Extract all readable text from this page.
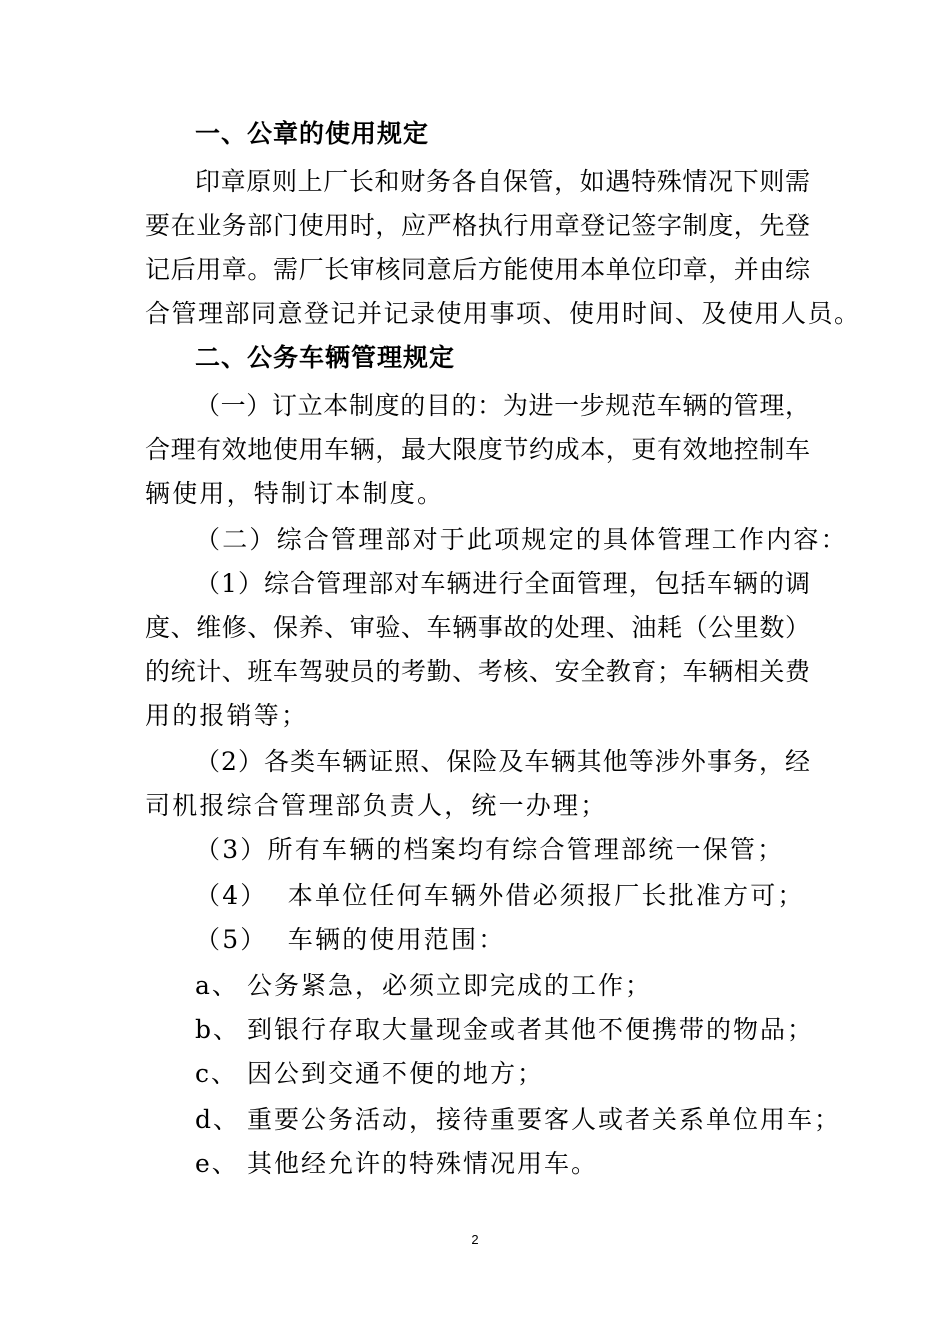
一、公章的使用规定
印章原则上厂长和财务各自保管，如遇特殊情况下则需
要在业务部门使用时，应严格执行用章登记签字制度，先登
记后用章。需厂长审核同意后方能使用本单位印章，并由综
合管理部同意登记并记录使用事项、使用时间、及使用人员。
二、公务车辆管理规定
（一）订立本制度的目的：为进一步规范车辆的管理，
合理有效地使用车辆，最大限度节约成本，更有效地控制车
辆使用，特制订本制度。
（二）综合管理部对于此项规定的具体管理工作内容：
（1）综合管理部对车辆进行全面管理，包括车辆的调
度、维修、保养、审验、车辆事故的处理、油耗（公里数）
的统计、班车驾驶员的考勤、考核、安全教育；车辆相关费
用的报销等；
（2）各类车辆证照、保险及车辆其他等涉外事务，经
司机报综合管理部负责人，统一办理；
（3）所有车辆的档案均有综合管理部统一保管；
（4）  本单位任何车辆外借必须报厂长批准方可；
（5）  车辆的使用范围：
a、 公务紧急，必须立即完成的工作；
b、 到银行存取大量现金或者其他不便携带的物品；
c、 因公到交通不便的地方；
d、 重要公务活动，接待重要客人或者关系单位用车；
e、 其他经允许的特殊情况用车。
2
